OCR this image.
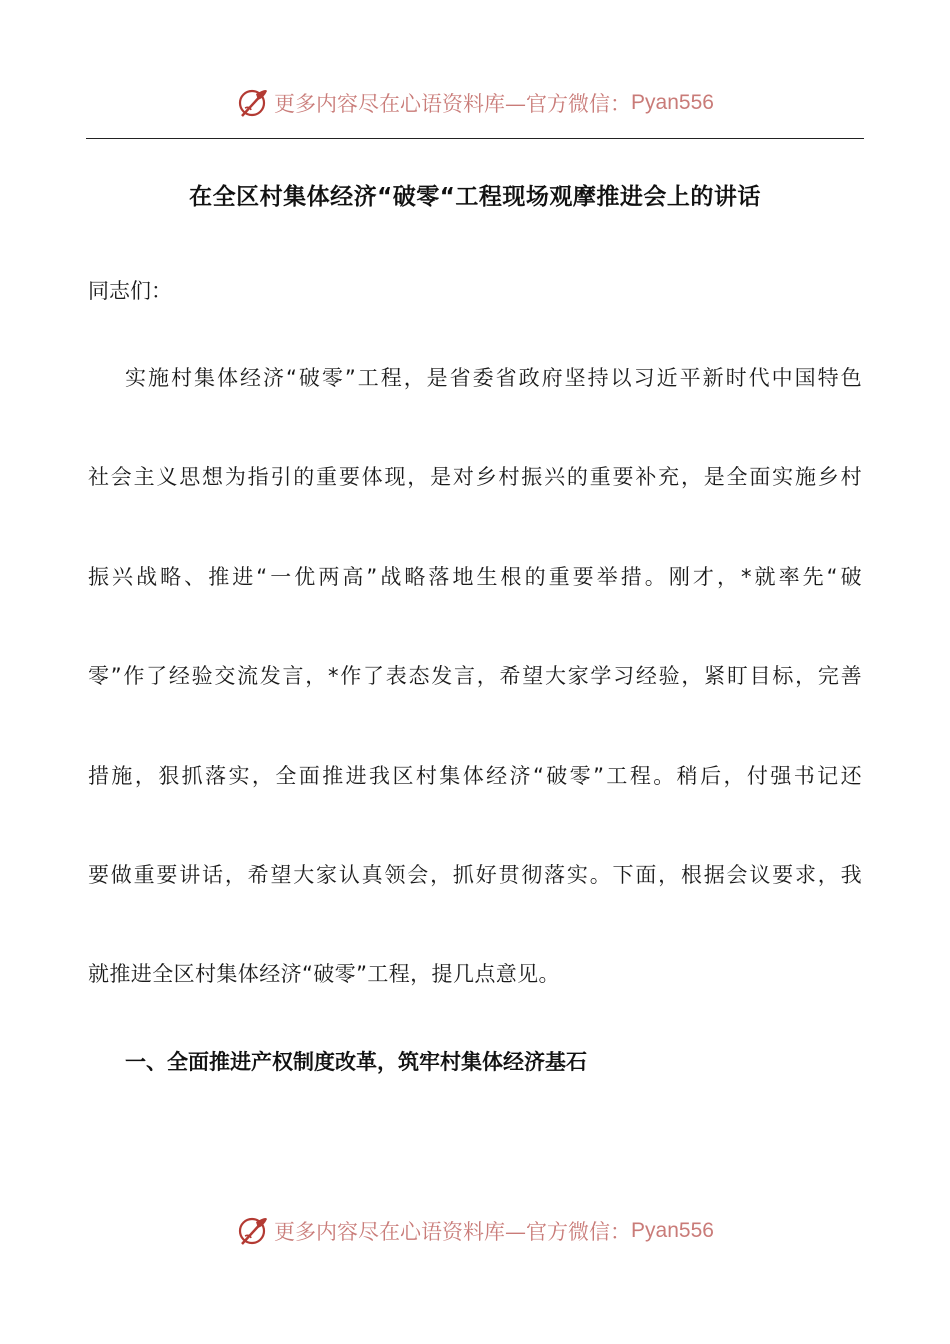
更多内容尽在心语资料库—官方微信： Pyan556
在全区村集体经济“破零“工程现场观摩推进会上的讲话
同志们：
实施村集体经济“破零”工程，是省委省政府坚持以习近平新时代中国特色
社会主义思想为指引的重要体现，是对乡村振兴的重要补充，是全面实施乡村
振兴战略、推进“一优两高”战略落地生根的重要举措。刚才，*就率先“破
零”作了经验交流发言，*作了表态发言，希望大家学习经验，紧盯目标，完善
措施，狠抓落实，全面推进我区村集体经济“破零”工程。稍后，付强书记还
要做重要讲话，希望大家认真领会，抓好贯彻落实。下面，根据会议要求，我
就推进全区村集体经济“破零”工程，提几点意见。
一、全面推进产权制度改革，筑牢村集体经济基石
更多内容尽在心语资料库—官方微信： Pyan556
